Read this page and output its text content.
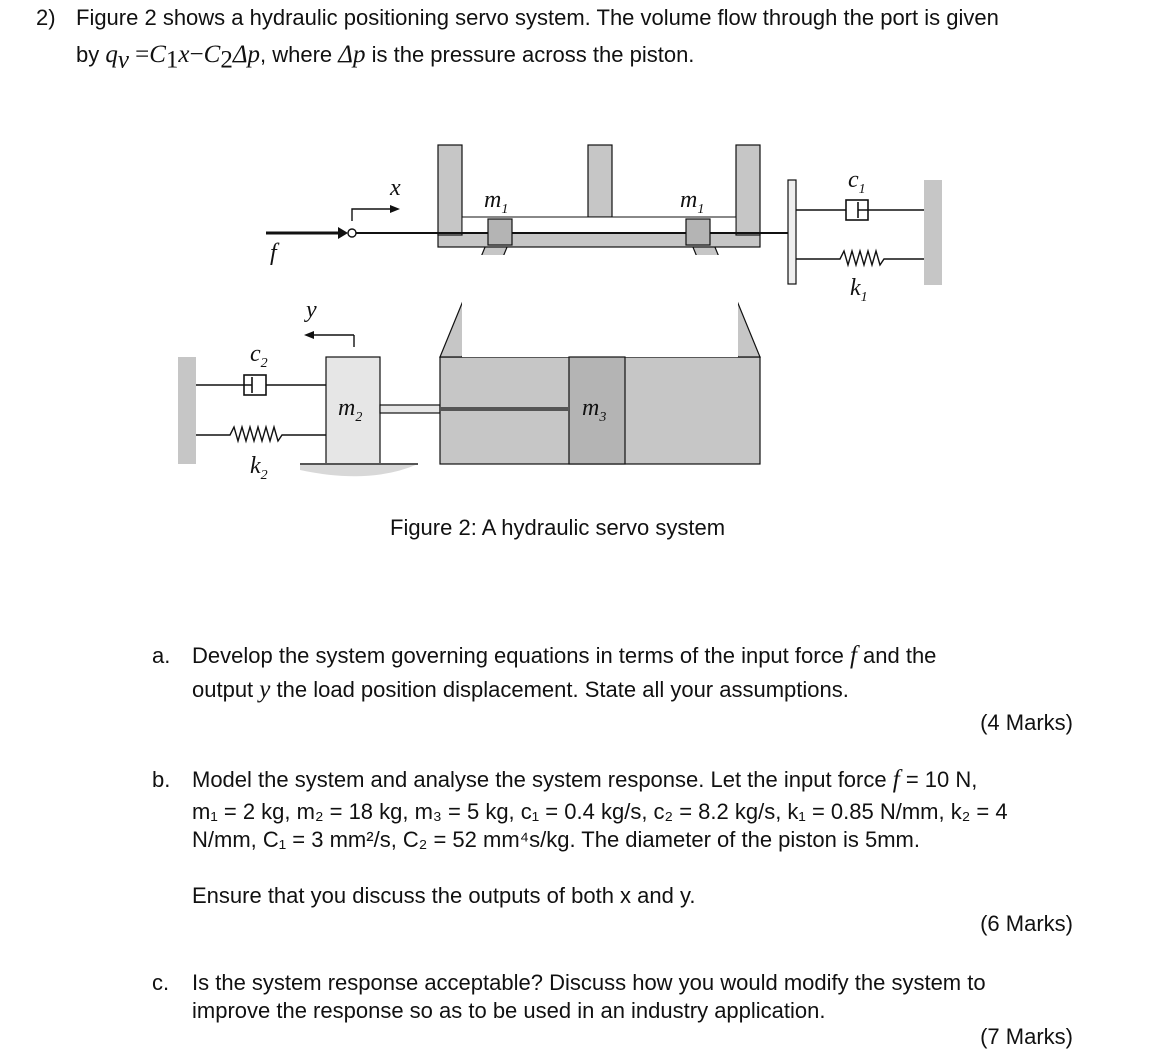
2) Figure 2 shows a hydraulic positioning servo system. The volume flow through the port is given
by $q_v =C_1x-C_2\Delta p$, where Δp is the pressure across the piston.
x	$m_1$	$m_1$
$c_1$
$k_1$
f
y
$c_2$
$k_2$
$m_2$	$m_3$
Figure 2: A hydraulic servo system
a. Develop the system governing equations in terms of the input force f and the
output y the load position displacement. State all your assumptions.
(4 Marks)
b. Model the system and analyse the system response. Let the input force f = 10 N,
m₁ = 2 kg, m₂ = 18 kg, m₃ = 5 kg, c₁ = 0.4 kg/s, c₂ = 8.2 kg/s, k₁ = 0.85 N/mm, k₂ = 4
N/mm, C₁ = 3 mm²/s, C₂ = 52 mm⁴s/kg. The diameter of the piston is 5mm.
Ensure that you discuss the outputs of both x and y.
(6 Marks)
c.	Is the system response acceptable? Discuss how you would modify the system to
improve the response so as to be used in an industry application.
(7 Marks)
